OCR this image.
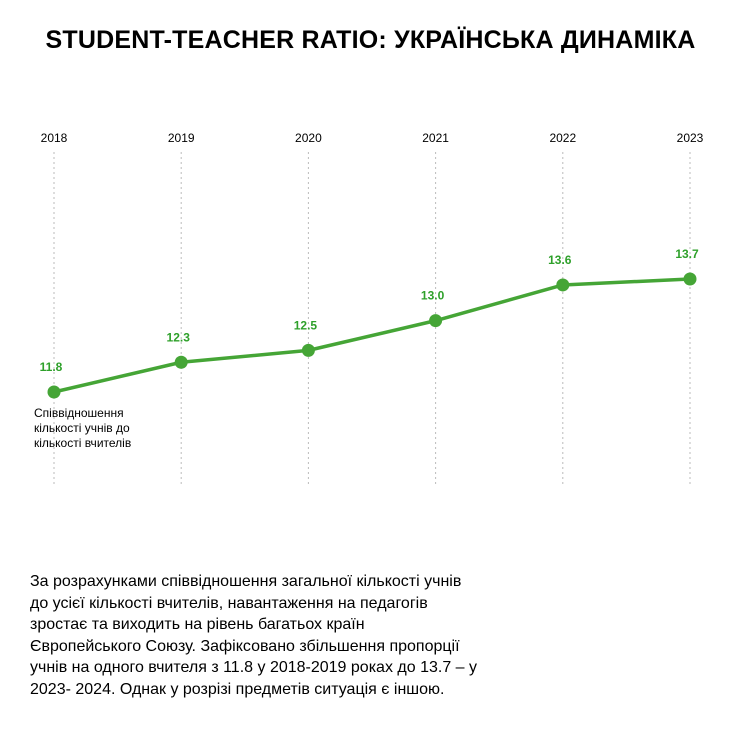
STUDENT-TEACHER RATIO: УКРАЇНСЬКА ДИНАМІКА
2018	2019	2020	2021	2022	2023
11.8
12.3
12.5
13.0
13.6	13.7
Співвідношення кількості учнів до кількості вчителів

За розрахунками співвідношення загальної кількості учнів до усієї кількості вчителів, навантаження на педагогів зростає та виходить на рівень багатьох країн Європейського Союзу. Зафіксовано збільшення пропорції учнів на одного вчителя з 11.8 у 2018-2019 роках до 13.7 – у 2023- 2024. Однак у розрізі предметів ситуація є іншою.
